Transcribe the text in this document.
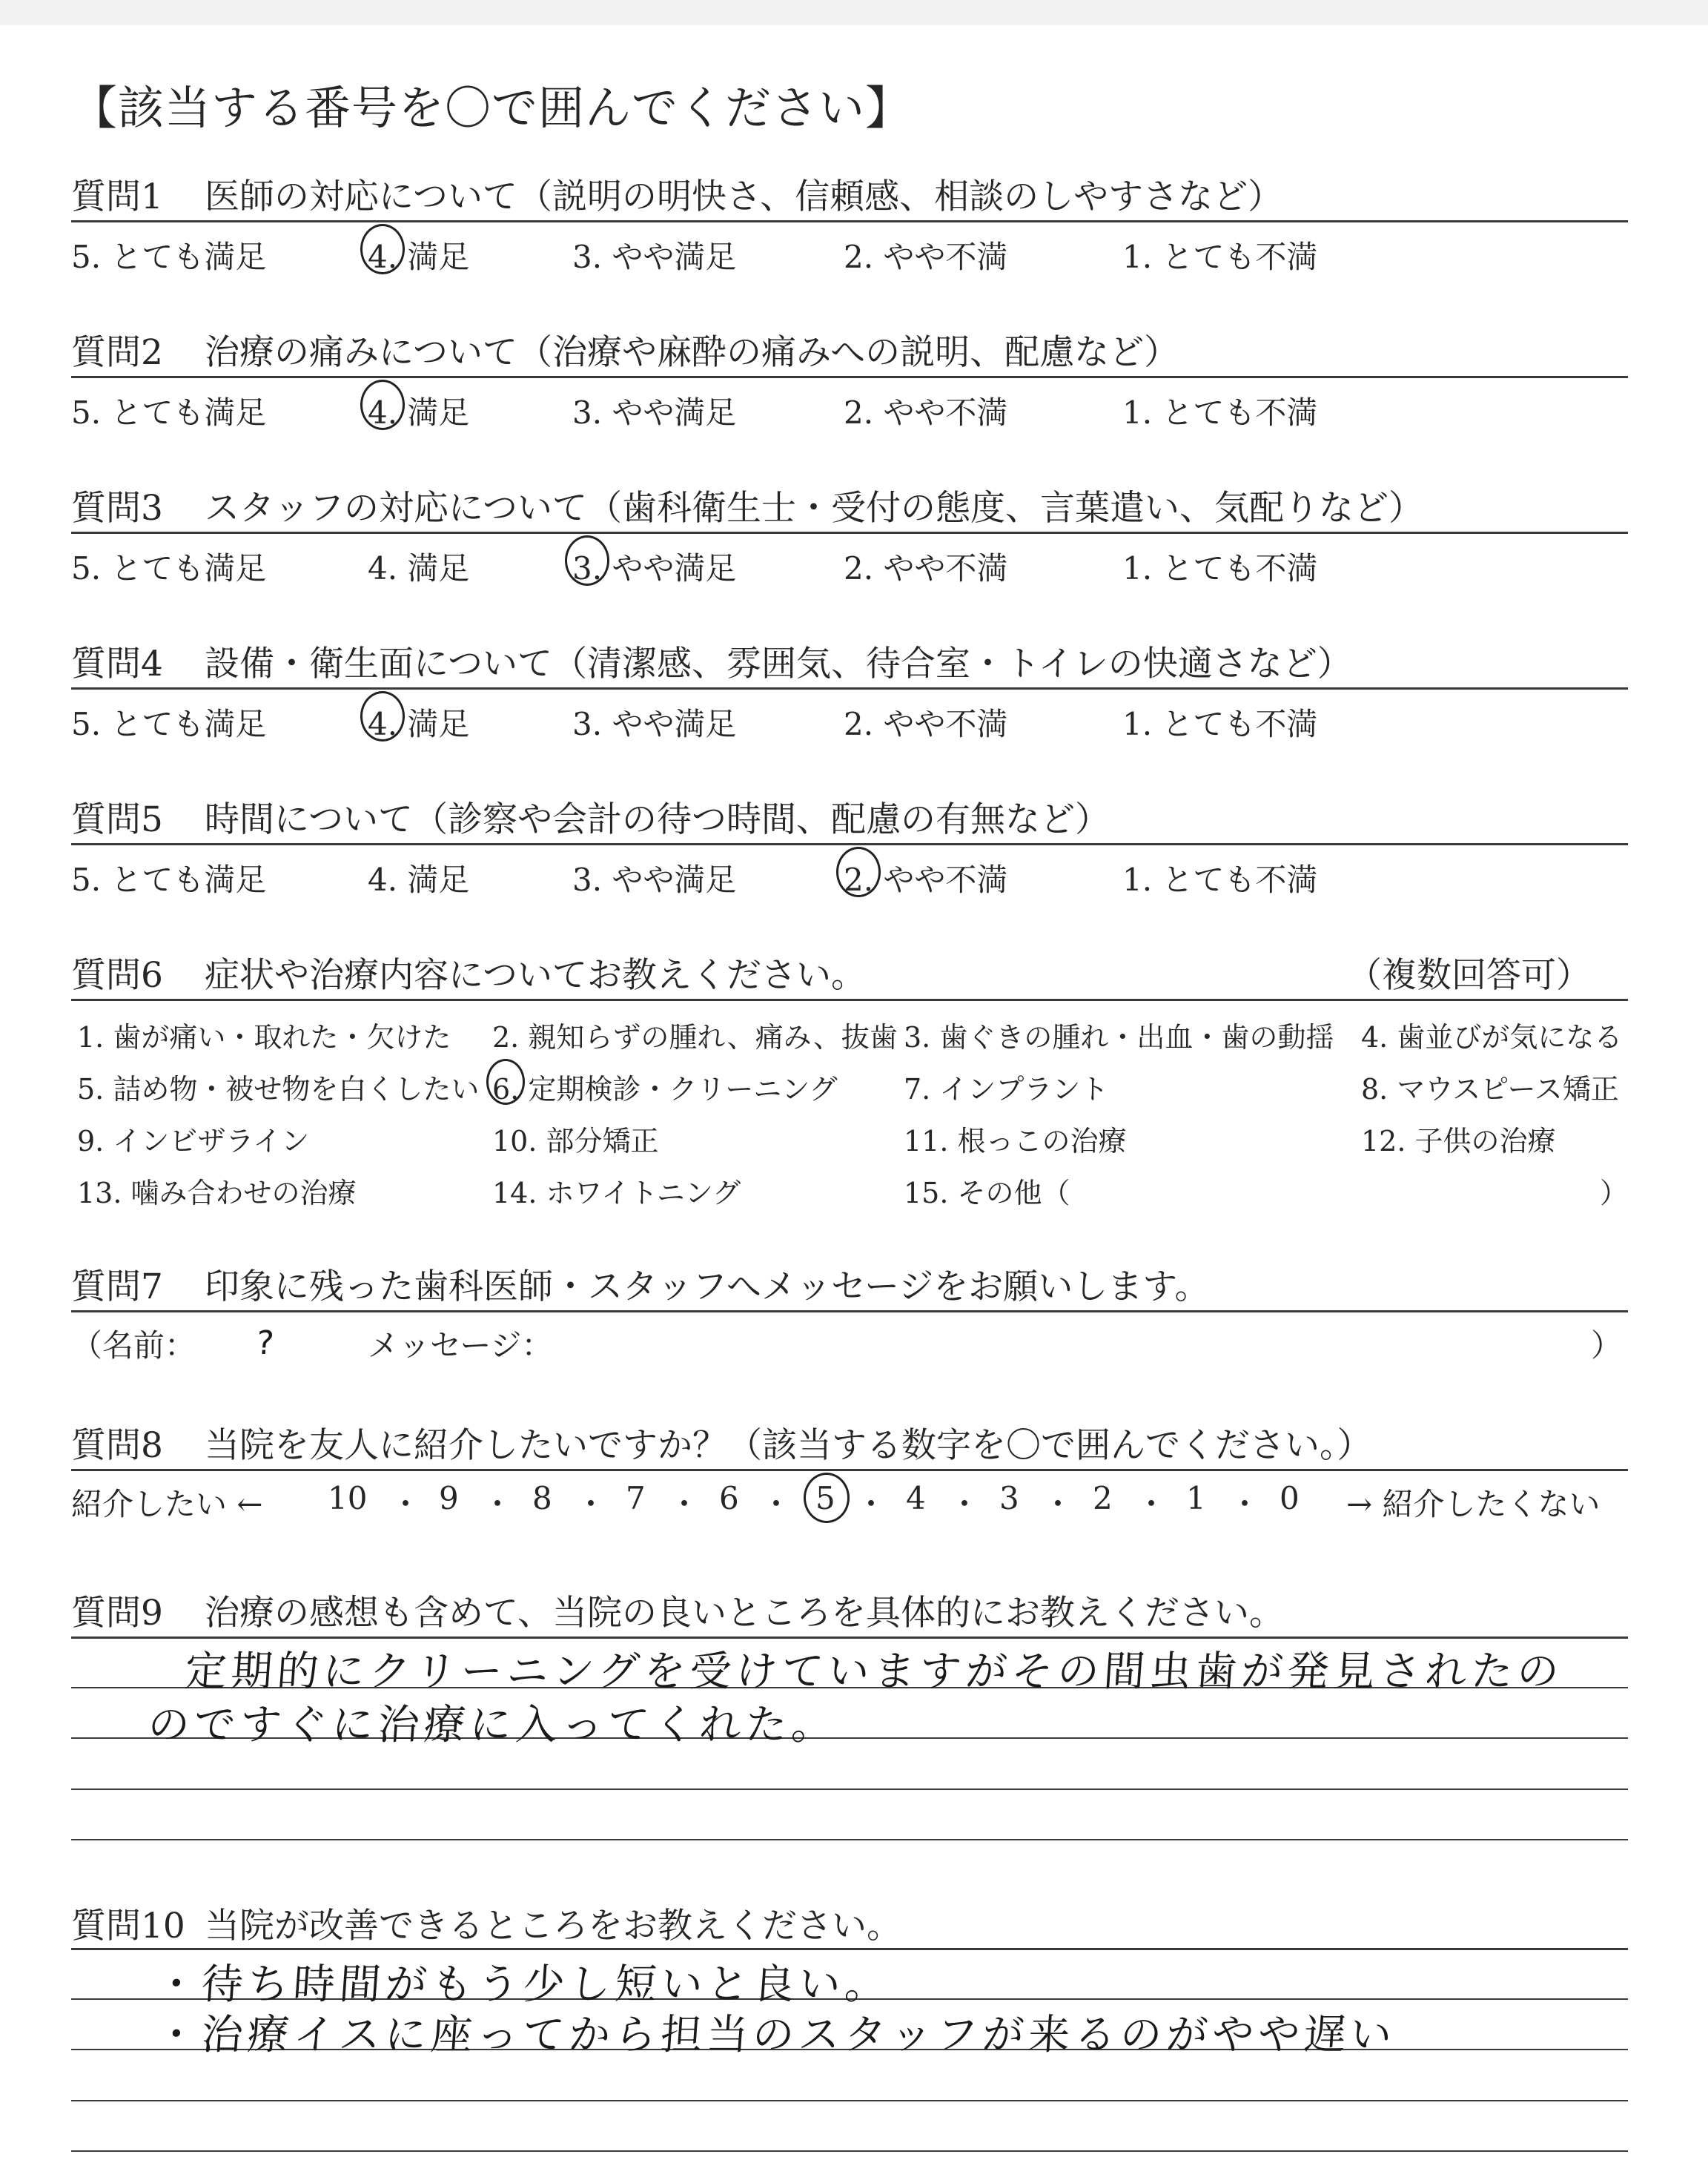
【該当する番号を〇で囲んでください】
質問1 医師の対応について（説明の明快さ、信頼感、相談のしやすさなど）
5. とても満足	4. 満足	3. やや満足	2. やや不満	1. とても不満
質問2 治療の痛みについて（治療や麻酔の痛みへの説明、配慮など）
5. とても満足	4. 満足	3. やや満足	2. やや不満	1. とても不満
質問3 スタッフの対応について（歯科衛生士・受付の態度、言葉遣い、気配りなど）
5. とても満足	4. 満足	3. やや満足	2. やや不満	1. とても不満
質問4 設備・衛生面について（清潔感、雰囲気、待合室・トイレの快適さなど）
5. とても満足	4. 満足	3. やや満足	2. やや不満	1. とても不満
質問5 時間について（診察や会計の待つ時間、配慮の有無など）
5. とても満足	4. 満足	3. やや満足	2. やや不満	1. とても不満
質問6 症状や治療内容についてお教えください。	（複数回答可）
1. 歯が痛い・取れた・欠けた 2. 親知らずの腫れ、痛み、抜歯 3. 歯ぐきの腫れ・出血・歯の動揺 4. 歯並びが気になる
5. 詰め物・被せ物を白くしたい 6. 定期検診・クリーニング 7. インプラント	8. マウスピース矯正
9. インビザライン	10. 部分矯正	11. 根っこの治療	12. 子供の治療
13. 噛み合わせの治療	14. ホワイトニング	15. その他（	）
質問7 印象に残った歯科医師・スタッフへメッセージをお願いします。
（名前： ?	メッセージ：	）
質問8 当院を友人に紹介したいですか？（該当する数字を〇で囲んでください。）
紹介したい ← 10 ・ 9 ・ 8 ・ 7 ・ 6 ・ 5 ・ 4 ・ 3 ・ 2 ・ 1 ・ 0 → 紹介したくない
質問9 治療の感想も含めて、当院の良いところを具体的にお教えください。
定期的にクリーニングを受けていますがその間虫歯が発見されたの
のですぐに治療に入ってくれた。
質問10 当院が改善できるところをお教えください。
・待ち時間がもう少し短いと良い。
・治療イスに座ってから担当のスタッフが来るのがやや遅い
